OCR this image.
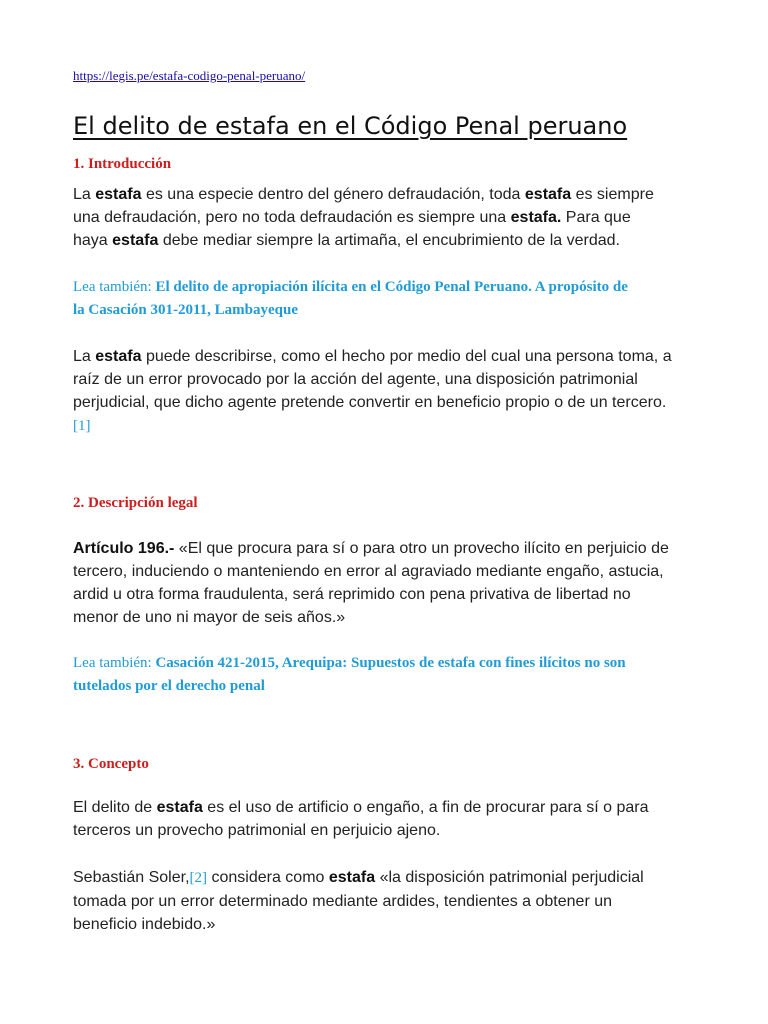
https://legis.pe/estafa-codigo-penal-peruano/
El delito de estafa en el Código Penal peruano
1. Introducción
La estafa es una especie dentro del género defraudación, toda estafa es siempre
una defraudación, pero no toda defraudación es siempre una estafa. Para que
haya estafa debe mediar siempre la artimaña, el encubrimiento de la verdad.
Lea también: El delito de apropiación ilícita en el Código Penal Peruano. A propósito de
la Casación 301-2011, Lambayeque
La estafa puede describirse, como el hecho por medio del cual una persona toma, a
raíz de un error provocado por la acción del agente, una disposición patrimonial
perjudicial, que dicho agente pretende convertir en beneficio propio o de un tercero.
[1]
2. Descripción legal
Artículo 196.- «El que procura para sí o para otro un provecho ilícito en perjuicio de
tercero, induciendo o manteniendo en error al agraviado mediante engaño, astucia,
ardid u otra forma fraudulenta, será reprimido con pena privativa de libertad no
menor de uno ni mayor de seis años.»
Lea también: Casación 421-2015, Arequipa: Supuestos de estafa con fines ilícitos no son
tutelados por el derecho penal
3. Concepto
El delito de estafa es el uso de artificio o engaño, a fin de procurar para sí o para
terceros un provecho patrimonial en perjuicio ajeno.
Sebastián Soler,[2] considera como estafa «la disposición patrimonial perjudicial
tomada por un error determinado mediante ardides, tendientes a obtener un
beneficio indebido.»
